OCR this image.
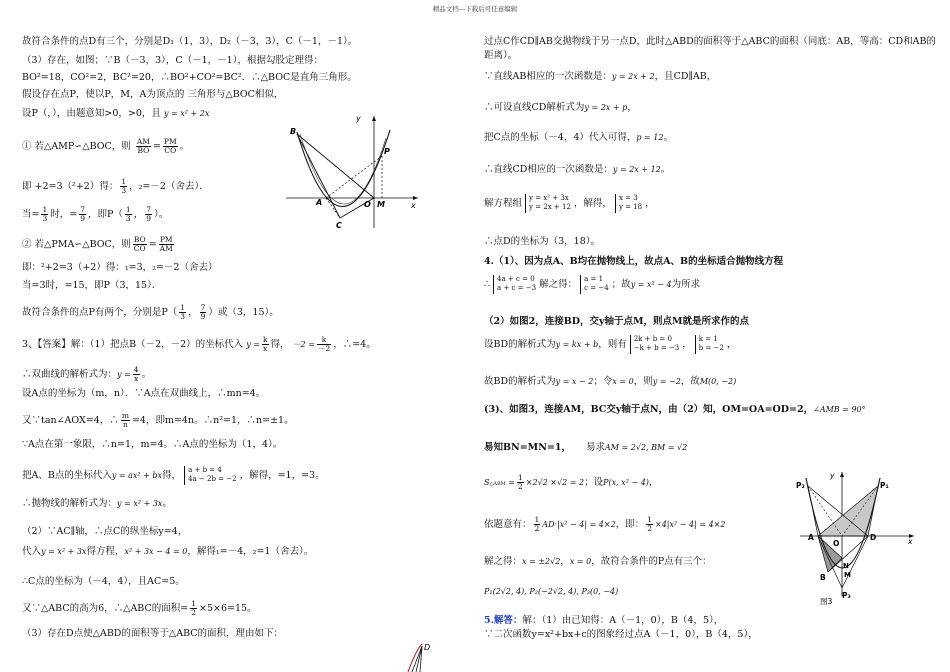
精品文档---下载后可任意编辑
故符合条件的点D有三个，分别是D₁（1，3），D₂（－3，3），C（－1，－1）。
（3）存在，如图；∵B（－3，3），C（－1，－1），根据勾股定理得：
BO²=18，CO²=2，BC²=20，∴BO²+CO²=BC²．∴△BOC是直角三角形。
假设存在点P，使以P，M，A为顶点的 三角形与△BOC相似，
设P（，），由题意知>0，>0，且 y = x² + 2x
① 若△AMP∽△BOC，则 $\frac{AM}{BO} = \frac{PM}{CO}$ 。
即 +2=3（²+2）得： $\frac{1}{3}$ ，₂=－2（舍去）．
当= $\frac{1}{3}$ 时，= $\frac{7}{9}$ ，即$P( \frac{1}{3}$ ， $\frac{7}{9}$ ）。
② 若△PMA∽△BOC，则 $\frac{BO}{CO} = \frac{PM}{AM}$
即：²+2=3（+2）得：₁=3，₂=－2（舍去）
当=3时，=15，即P（3，15）．
故符合条件的点P有两个，分别是$P( \frac{1}{3}$ ， $\frac{7}{9}$ ）或（3，15）。
3、【答案】解：（1）把点B（－2，－2）的坐标代入 $y = \frac{k}{x}$ 得， $-2 = \frac{k}{-2}$ ，∴=4。
∴双曲线的解析式为：$y = \frac{4}{x}$ 。
设A点的坐标为（m，n）．∵A点在双曲线上，∴mn=4。
又∵tan∠AOX=4，∴ $\frac{m}{n} =4$，即m=4n。∴n²=1，∴n=±1。
∵A点在第一象限，∴n=1，m=4。∴A点的坐标为（1，4）。
把A、B点的坐标代入y = ax² + bx得， a + b = 4
4a − 2b = −2 ，解得，=1，=3。
∴抛物线的解析式为：y = x² + 3x。
（2）∵AC∥轴，∴点C的纵坐标y=4，
代入y = x² + 3x得方程，x² + 3x − 4 = 0，解得₁=－4，₂=1（舍去）。
∴C点的坐标为（－4，4），且AC=5。
又∵△ABC的高为6，∴△ABC的面积= $\frac{1}{2} \times 5\times 6=15$。
（3）存在D点使△ABD的面积等于△ABC的面积，理由如下：
y
x
B
P
A	O M
C
过点C作CD∥AB交抛物线于另一点D，此时△ABD的面积等于△ABC的面积（同底：AB，等高：CD和AB的
距离）。
∵直线AB相应的一次函数是：y = 2x + 2，且CD∥AB，
∴可设直线CD解析式为y = 2x + p，
把C点的坐标（－4，4）代入可得，p = 12。
∴直线CD相应的一次函数是：y = 2x + 12。
解方程组 y = x² + 3x
y = 2x + 12 ，解得， x = 3
y = 18 ，
∴点D的坐标为（3，18）。
4.（1）、因为点A、B均在抛物线上，故点A、B的坐标适合抛物线方程
∴ 4a + c = 0
a + c = −3 解之得： a = 1
c = −4 ；故y = x² − 4为所求
（2）如图2，连接BD，交y轴于点M，则点M就是所求作的点
设BD的解析式为y = kx + b，则有 2k + b = 0
−k + b = −3 ， k = 1
b = −2 ，
故BD的解析式为y = x − 2；令x = 0，则y = −2，故M(0, −2)
(3)、如图3，连接AM，BC交y轴于点N，由（2）知，OM=OA=OD=2，∠AMB = 90°
易知BN=MN=1， 易求AM = 2√2, BM = √2
S△ABM = $\frac{1}{2} \times 2√2 \times√2 = 2$；设P(x, x² − 4)，
依题意有： $\frac{1}{2} AD\cdot|x^2 - 4| = 4\times 2$，即： $\frac{1}{2} \times 4|x^2 - 4| = 4\times 2$
解之得：x = ±2√2，x = 0，故符合条件的P点有三个：
P₁(2√2, 4), P₂(−2√2, 4), P₃(0, −4)
5.解答：解：（1）由已知得：A（－1，0），B（4，5），
∵二次函数y=x²+bx+c的图象经过点A（－1，0），B（4，5），
y
x
P₂	P₁
A
O
D
N
M
B
P₃
图3
D
